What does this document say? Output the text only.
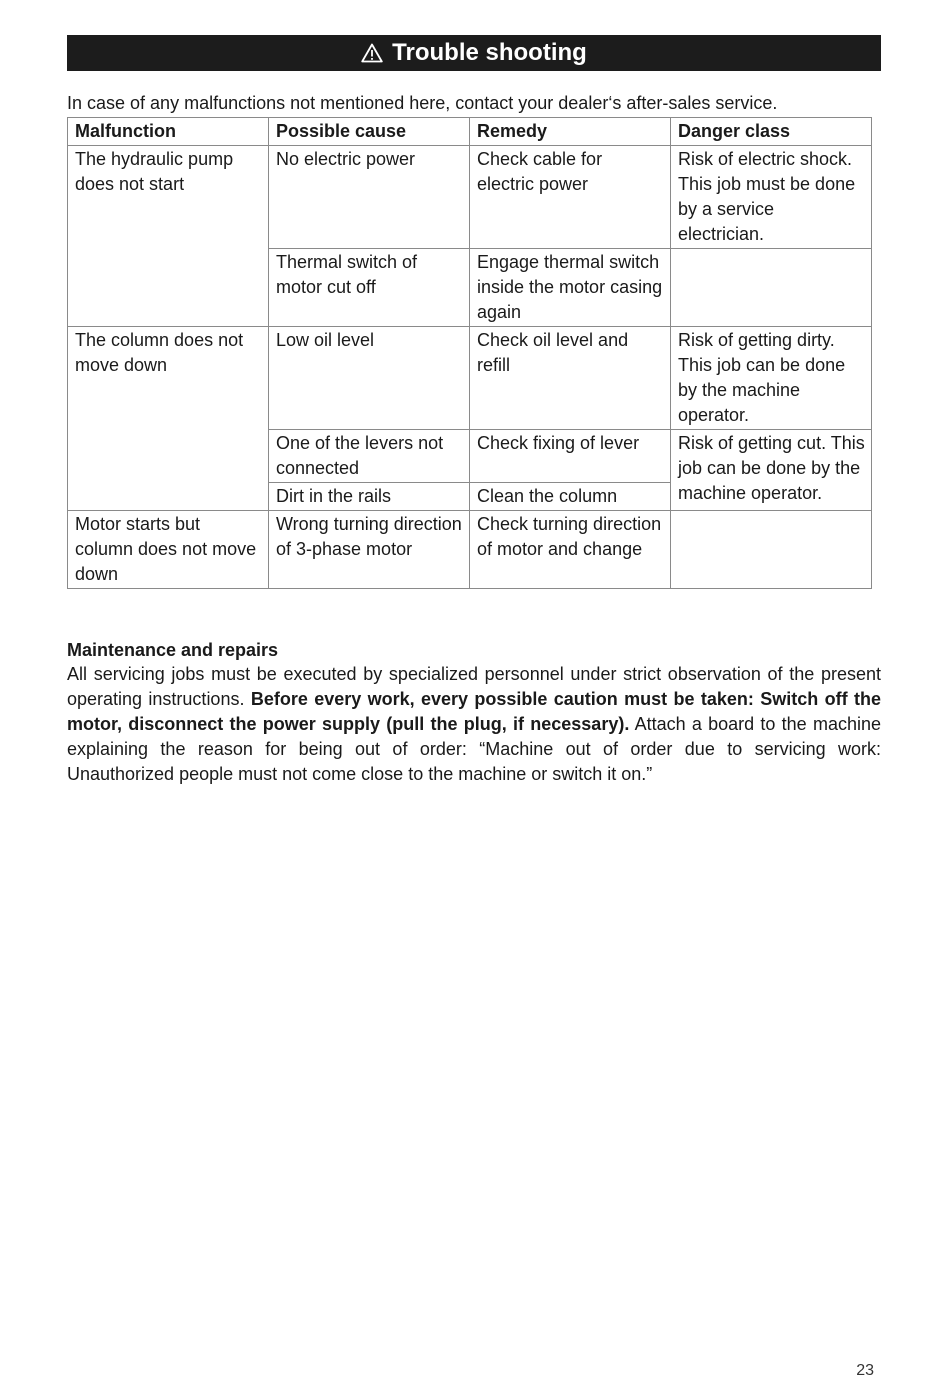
Trouble shooting
In case of any malfunctions not mentioned here, contact your dealer‘s after-sales service.
Malfunction	Possible cause	Remedy	Danger class
The hydraulic pump does not start	No electric power	Check cable for electric power	Risk of electric shock. This job must be done by a service electrician.
	Thermal switch of motor cut off	Engage thermal switch inside the motor casing again	
The column does not move down	Low oil level	Check oil level and refill	Risk of getting dirty. This job can be done by the machine operator.
	One of the levers not connected	Check fixing of lever	Risk of getting cut. This job can be done by the machine operator.
	Dirt in the rails	Clean the column	
Motor starts but column does not move down	Wrong turning direction of 3-phase motor	Check turning direction of motor and change	
Maintenance and repairs
All servicing jobs must be executed by specialized personnel under strict observation of the present operating instructions. Before every work, every possible caution must be taken: Switch off the motor, disconnect the power supply (pull the plug, if necessary). Attach a board to the machine explaining the reason for being out of order: “Machine out of order due to servicing work: Unauthorized people must not come close to the machine or switch it on.”
23
